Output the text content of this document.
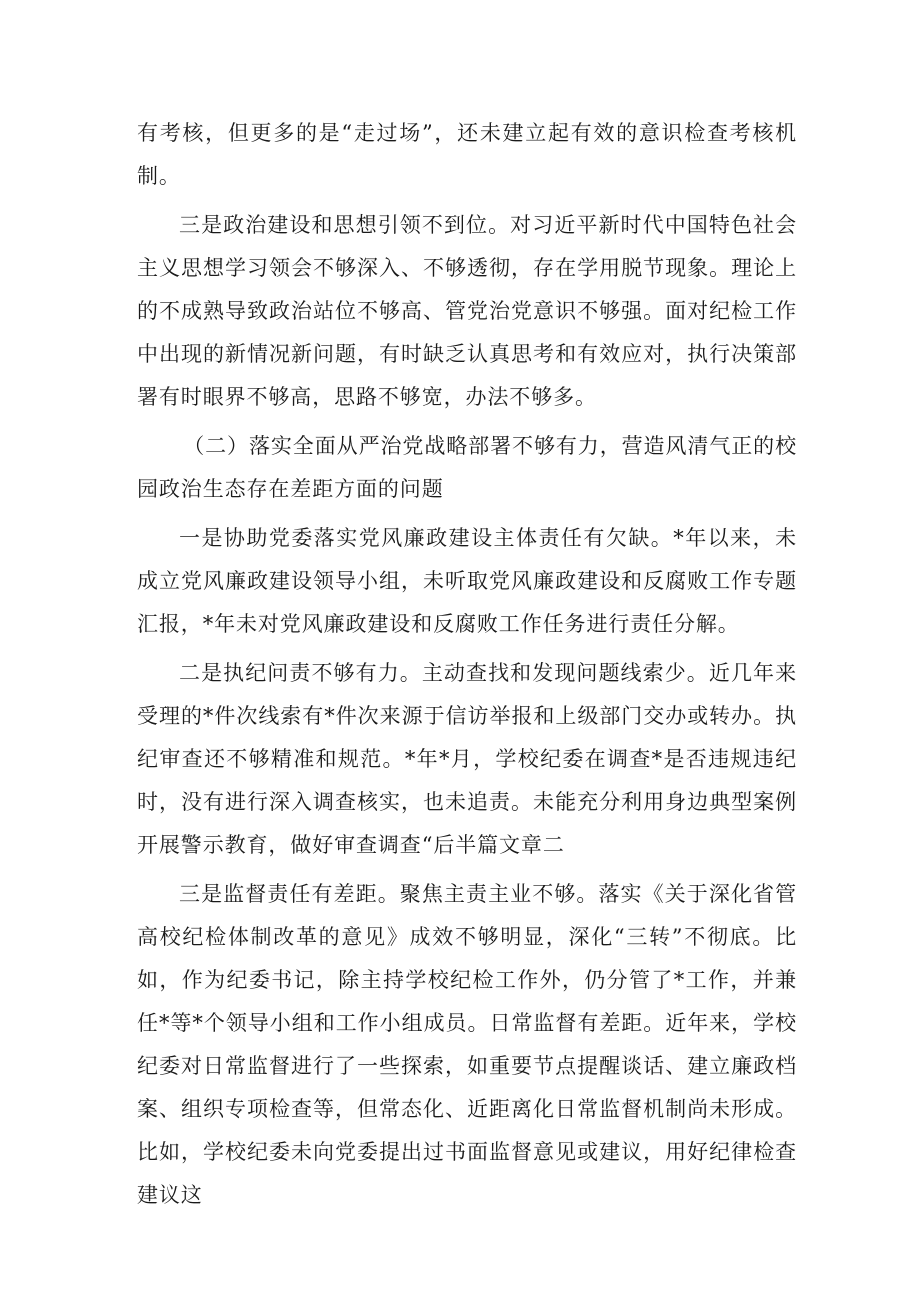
有考核，但更多的是“走过场”，还未建立起有效的意识检查考核机制。

三是政治建设和思想引领不到位。对习近平新时代中国特色社会主义思想学习领会不够深入、不够透彻，存在学用脱节现象。理论上的不成熟导致政治站位不够高、管党治党意识不够强。面对纪检工作中出现的新情况新问题，有时缺乏认真思考和有效应对，执行决策部署有时眼界不够高，思路不够宽，办法不够多。

（二）落实全面从严治党战略部署不够有力，营造风清气正的校园政治生态存在差距方面的问题

一是协助党委落实党风廉政建设主体责任有欠缺。*年以来，未成立党风廉政建设领导小组，未听取党风廉政建设和反腐败工作专题汇报，*年未对党风廉政建设和反腐败工作任务进行责任分解。

二是执纪问责不够有力。主动查找和发现问题线索少。近几年来受理的*件次线索有*件次来源于信访举报和上级部门交办或转办。执纪审查还不够精准和规范。*年*月，学校纪委在调查*是否违规违纪时，没有进行深入调查核实，也未追责。未能充分利用身边典型案例开展警示教育，做好审查调查“后半篇文章二

三是监督责任有差距。聚焦主责主业不够。落实《关于深化省管高校纪检体制改革的意见》成效不够明显，深化“三转”不彻底。比如，作为纪委书记，除主持学校纪检工作外，仍分管了*工作，并兼任*等*个领导小组和工作小组成员。日常监督有差距。近年来，学校纪委对日常监督进行了一些探索，如重要节点提醒谈话、建立廉政档案、组织专项检查等，但常态化、近距离化日常监督机制尚未形成。比如，学校纪委未向党委提出过书面监督意见或建议，用好纪律检查建议这
